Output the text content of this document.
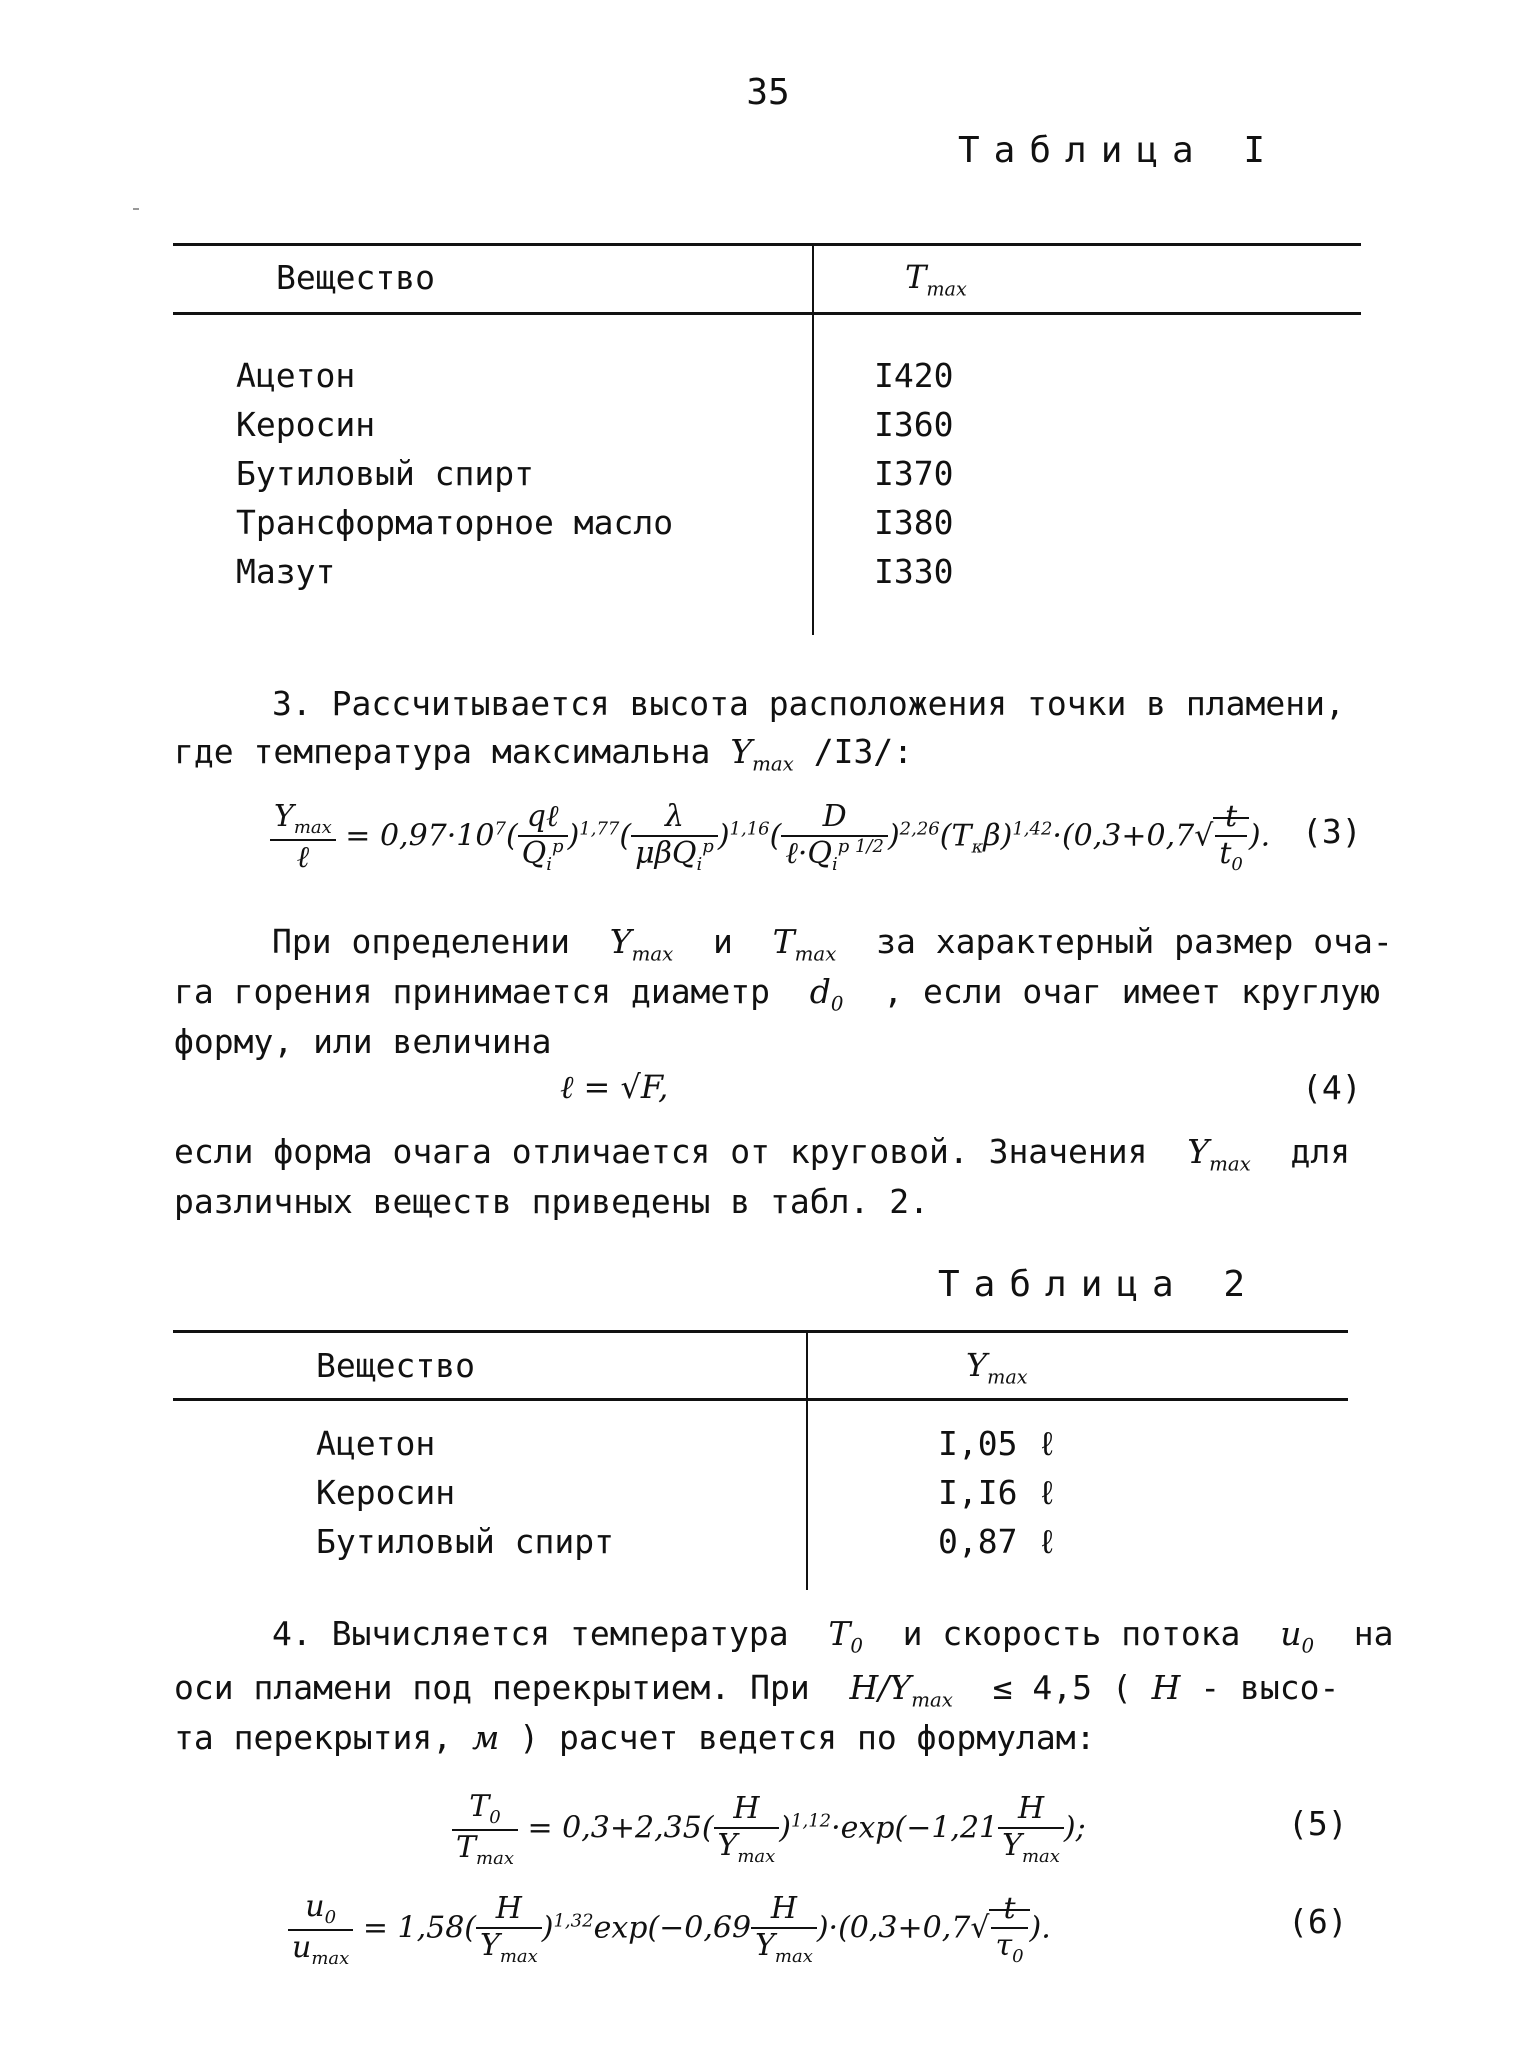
35
Таблица I
Вещество	$T_{max}$
Ацетон	I420
Керосин	I360
Бутиловый спирт	I370
Трансформаторное масло	I380
Мазут	I330
3. Рассчитывается высота расположения точки в пламени,
где температура максимальна $Y_{max}$ /I3/:
$\frac{Y_{max}}{\text{ℓ}} = 0,97\cdot 10^7( \frac{\text{qℓ}}{Q_i^p} )^{1,77}( \frac{\lambda}{\mu\beta Q_i^p} )^{1,16}( \frac{D}{\ell\cdot Q_i^{p 1/2}} )^{2,26}(T_\kappa\beta)^{1,42}\cdot(0,3+0,7√ \frac{t}{t_0}$ ). (3)
При определении $Y_{max}$ и $T_{max}$ за характерный размер оча-
га горения принимается диаметр $d_0$ , если очаг имеет круглую
форму, или величина
ℓ = √F,	(4)
если форма очага отличается от круговой. Значения $Y_{max}$ для
различных веществ приведены в табл. 2.
Таблица 2
Вещество	$Y_{max}$
Ацетон	I,05 ℓ
Керосин	I,I6 ℓ
Бутиловый спирт	0,87 ℓ
4. Вычисляется температура $T_0$ и скорость потока $u_0$ на
оси пламени под перекрытием. При $H/Y_{max} \le 4,5$ ( H - высо-
та перекрытия, м ) расчет ведется по формулам:
$\frac{T_0}{T_{max}} = 0,3+2,35( \frac{H}{Y_{max}} )^{1,12}\cdot\exp(-1,21 \frac{H}{Y_{max}}$ );	(5)
$\frac{u_0}{u_{max}} = 1,58( \frac{H}{Y_{max}} )^{1,32}\exp(-0,69 \frac{H}{Y_{max}} )\cdot(0,3+0,7√ \frac{t}{\tau_0}$ ).	(6)
